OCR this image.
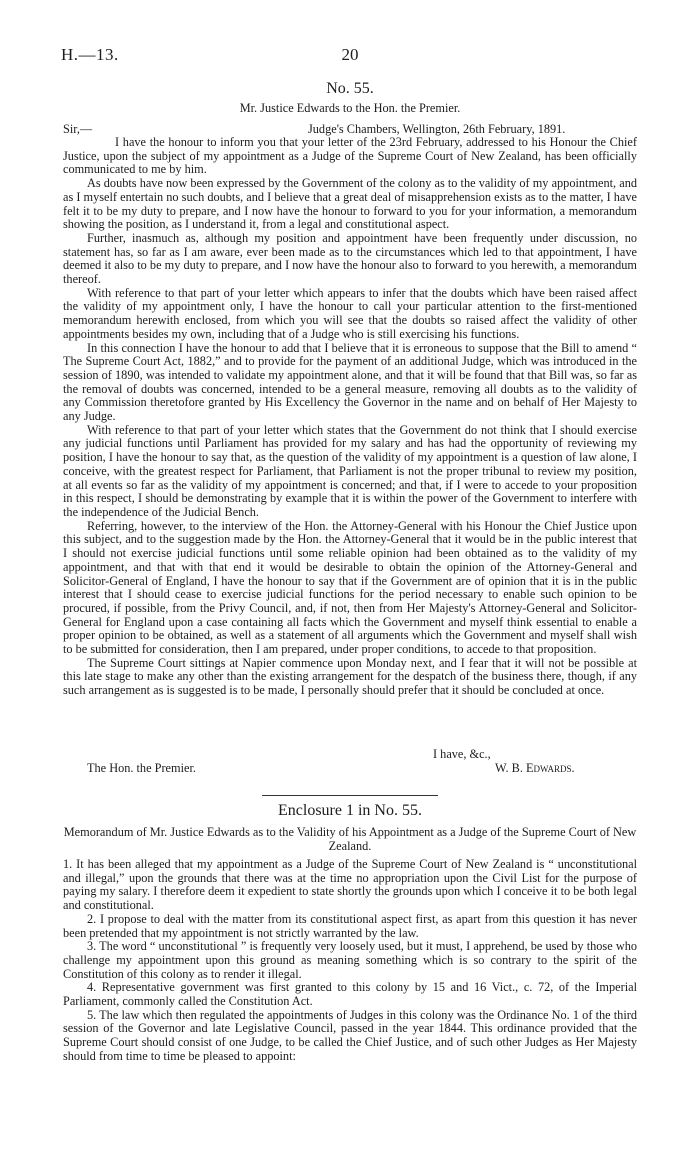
H.—13.	20
No. 55.
Mr. Justice Edwards to the Hon. the Premier.
Sir,—	Judge's Chambers, Wellington, 26th February, 1891.

I have the honour to inform you that your letter of the 23rd February, addressed to his Honour the Chief Justice, upon the subject of my appointment as a Judge of the Supreme Court of New Zealand, has been officially communicated to me by him.

As doubts have now been expressed by the Government of the colony as to the validity of my appointment, and as I myself entertain no such doubts, and I believe that a great deal of misapprehension exists as to the matter, I have felt it to be my duty to prepare, and I now have the honour to forward to you for your information, a memorandum showing the position, as I understand it, from a legal and constitutional aspect.

Further, inasmuch as, although my position and appointment have been frequently under discussion, no statement has, so far as I am aware, ever been made as to the circumstances which led to that appointment, I have deemed it also to be my duty to prepare, and I now have the honour also to forward to you herewith, a memorandum thereof.

With reference to that part of your letter which appears to infer that the doubts which have been raised affect the validity of my appointment only, I have the honour to call your particular attention to the first-mentioned memorandum herewith enclosed, from which you will see that the doubts so raised affect the validity of other appointments besides my own, including that of a Judge who is still exercising his functions.

In this connection I have the honour to add that I believe that it is erroneous to suppose that the Bill to amend “ The Supreme Court Act, 1882,” and to provide for the payment of an additional Judge, which was introduced in the session of 1890, was intended to validate my appointment alone, and that it will be found that that Bill was, so far as the removal of doubts was concerned, intended to be a general measure, removing all doubts as to the validity of any Commission theretofore granted by His Excellency the Governor in the name and on behalf of Her Majesty to any Judge.

With reference to that part of your letter which states that the Government do not think that I should exercise any judicial functions until Parliament has provided for my salary and has had the opportunity of reviewing my position, I have the honour to say that, as the question of the validity of my appointment is a question of law alone, I conceive, with the greatest respect for Parliament, that Parliament is not the proper tribunal to review my position, at all events so far as the validity of my appointment is concerned; and that, if I were to accede to your proposition in this respect, I should be demonstrating by example that it is within the power of the Government to interfere with the independence of the Judicial Bench.

Referring, however, to the interview of the Hon. the Attorney-General with his Honour the Chief Justice upon this subject, and to the suggestion made by the Hon. the Attorney-General that it would be in the public interest that I should not exercise judicial functions until some reliable opinion had been obtained as to the validity of my appointment, and that with that end it would be desirable to obtain the opinion of the Attorney-General and Solicitor-General of England, I have the honour to say that if the Government are of opinion that it is in the public interest that I should cease to exercise judicial functions for the period necessary to enable such opinion to be procured, if possible, from the Privy Council, and, if not, then from Her Majesty's Attorney-General and Solicitor-General for England upon a case containing all facts which the Government and myself think essential to enable a proper opinion to be obtained, as well as a statement of all arguments which the Government and myself shall wish to be submitted for consideration, then I am prepared, under proper conditions, to accede to that proposition.

The Supreme Court sittings at Napier commence upon Monday next, and I fear that it will not be possible at this late stage to make any other than the existing arrangement for the despatch of the business there, though, if any such arrangement as is suggested is to be made, I personally should prefer that it should be concluded at once.

I have, &c.,
The Hon. the Premier.	W. B. Edwards.
Enclosure 1 in No. 55.
Memorandum of Mr. Justice Edwards as to the Validity of his Appointment as a Judge of the Supreme Court of New Zealand.

1. It has been alleged that my appointment as a Judge of the Supreme Court of New Zealand is “ unconstitutional and illegal,” upon the grounds that there was at the time no appropriation upon the Civil List for the purpose of paying my salary. I therefore deem it expedient to state shortly the grounds upon which I conceive it to be both legal and constitutional.

2. I propose to deal with the matter from its constitutional aspect first, as apart from this question it has never been pretended that my appointment is not strictly warranted by the law.

3. The word “ unconstitutional ” is frequently very loosely used, but it must, I apprehend, be used by those who challenge my appointment upon this ground as meaning something which is so contrary to the spirit of the Constitution of this colony as to render it illegal.

4. Representative government was first granted to this colony by 15 and 16 Vict., c. 72, of the Imperial Parliament, commonly called the Constitution Act.

5. The law which then regulated the appointments of Judges in this colony was the Ordinance No. 1 of the third session of the Governor and late Legislative Council, passed in the year 1844. This ordinance provided that the Supreme Court should consist of one Judge, to be called the Chief Justice, and of such other Judges as Her Majesty should from time to time be pleased to appoint:
